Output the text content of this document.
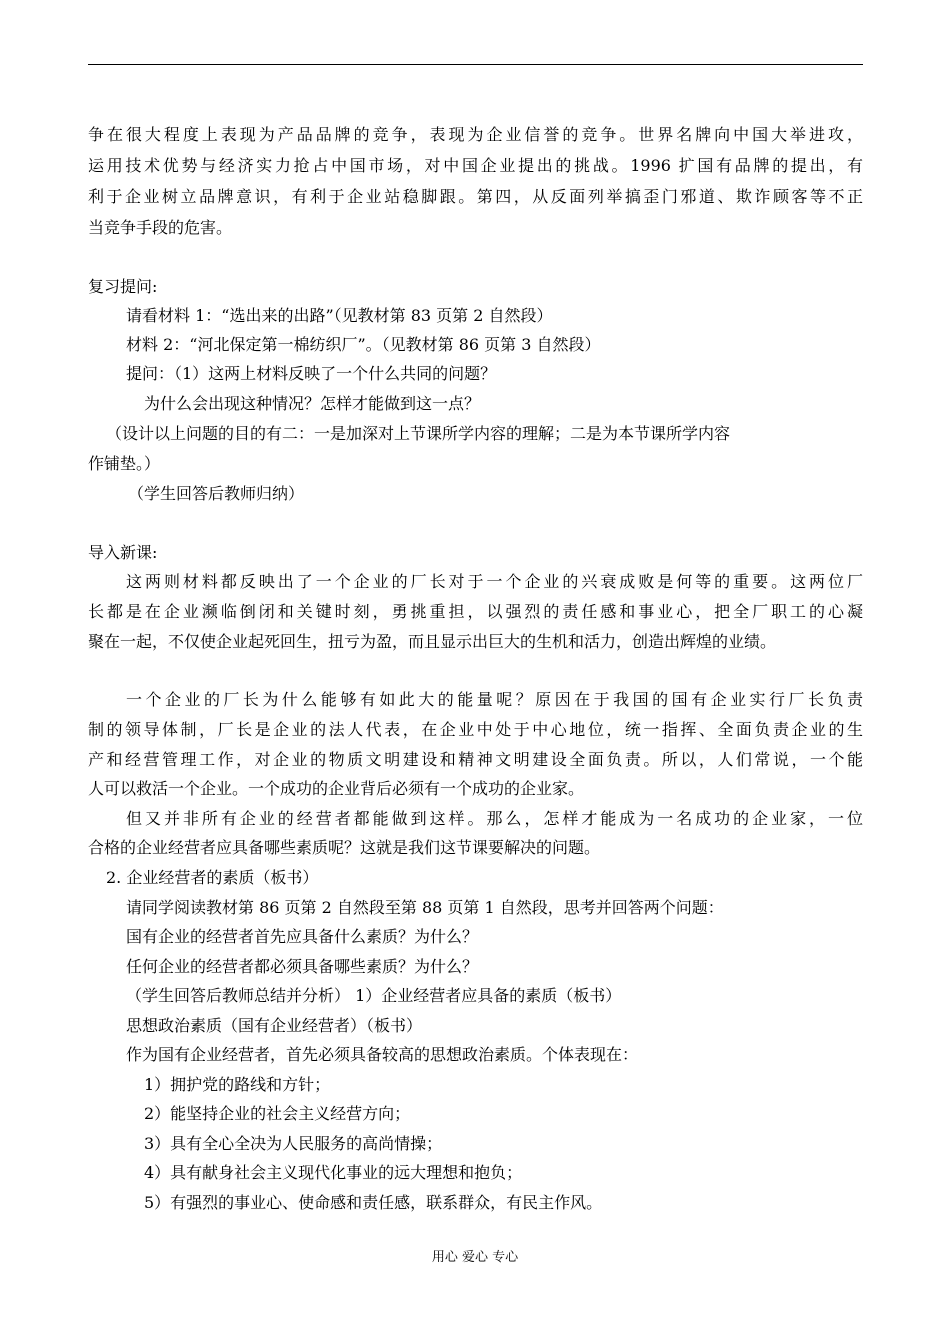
争在很大程度上表现为产品品牌的竞争，表现为企业信誉的竞争。世界名牌向中国大举进攻，
运用技术优势与经济实力抢占中国市场，对中国企业提出的挑战。1996 扩国有品牌的提出，有
利于企业树立品牌意识，有利于企业站稳脚跟。第四，从反面列举搞歪门邪道、欺诈顾客等不正
当竞争手段的危害。
复习提问:
请看材料 1：“选出来的出路”（见教材第 83 页第 2 自然段）
材料 2：“河北保定第一棉纺织厂”。（见教材第 86 页第 3 自然段）
提问：（1）这两上材料反映了一个什么共同的问题？
为什么会出现这种情况？怎样才能做到这一点？
（设计以上问题的目的有二：一是加深对上节课所学内容的理解；二是为本节课所学内容
作铺垫。）
（学生回答后教师归纳）
导入新课:
这两则材料都反映出了一个企业的厂长对于一个企业的兴衰成败是何等的重要。这两位厂
长都是在企业濒临倒闭和关键时刻，勇挑重担，以强烈的责任感和事业心，把全厂职工的心凝
聚在一起，不仅使企业起死回生，扭亏为盈，而且显示出巨大的生机和活力，创造出辉煌的业绩。
一个企业的厂长为什么能够有如此大的能量呢？原因在于我国的国有企业实行厂长负责
制的领导体制，厂长是企业的法人代表，在企业中处于中心地位，统一指挥、全面负责企业的生
产和经营管理工作，对企业的物质文明建设和精神文明建设全面负责。所以，人们常说，一个能
人可以救活一个企业。一个成功的企业背后必须有一个成功的企业家。
但又并非所有企业的经营者都能做到这样。那么，怎样才能成为一名成功的企业家，一位
合格的企业经营者应具备哪些素质呢？这就是我们这节课要解决的问题。
2. 企业经营者的素质（板书）
请同学阅读教材第 86 页第 2 自然段至第 88 页第 1 自然段，思考并回答两个问题：
国有企业的经营者首先应具备什么素质？为什么？
任何企业的经营者都必须具备哪些素质？为什么？
（学生回答后教师总结并分析） 1）企业经营者应具备的素质（板书）
思想政治素质（国有企业经营者）（板书）
作为国有企业经营者，首先必须具备较高的思想政治素质。个体表现在：
1）拥护党的路线和方针；
2）能坚持企业的社会主义经营方向；
3）具有全心全决为人民服务的高尚情操；
4）具有献身社会主义现代化事业的远大理想和抱负；
5）有强烈的事业心、使命感和责任感，联系群众，有民主作风。
用心 爱心 专心
